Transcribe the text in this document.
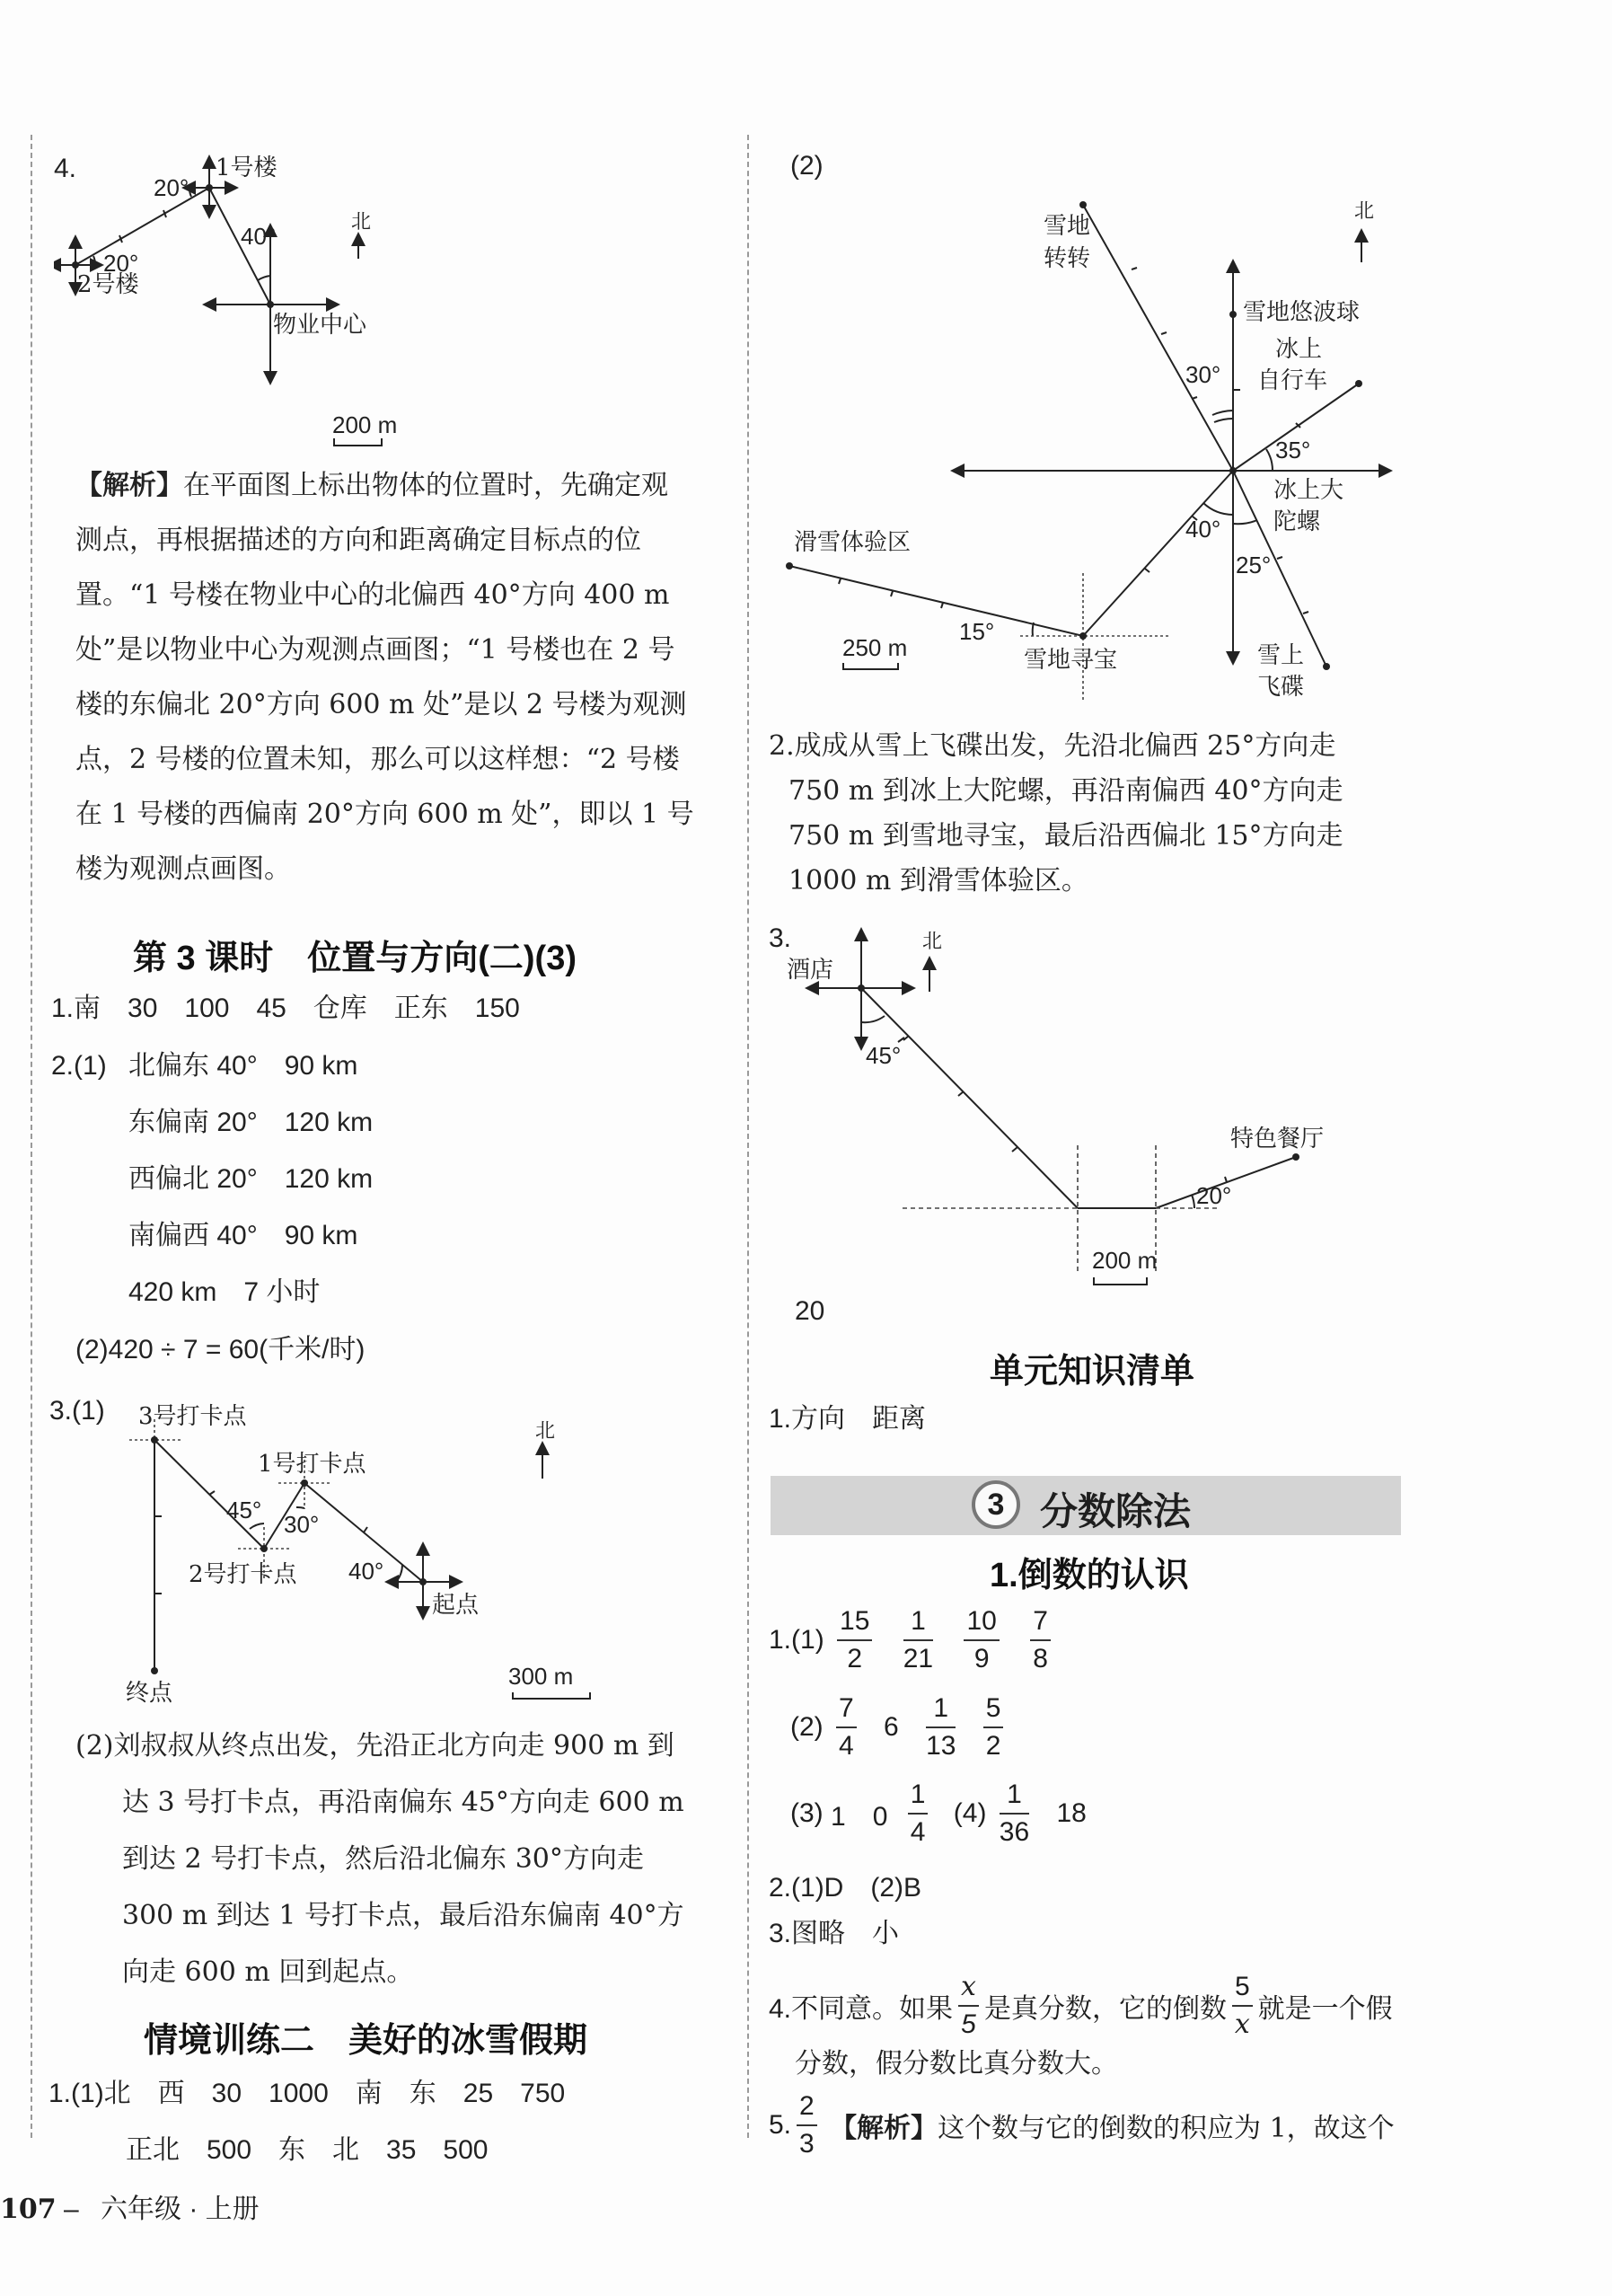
4.	1号楼
2号楼
物业中心
20°
20°
40°
北
200 m
【解析】在平面图上标出物体的位置时，先确定观
测点，再根据描述的方向和距离确定目标点的位
置。“1 号楼在物业中心的北偏西 40°方向 400 m
处”是以物业中心为观测点画图；“1 号楼也在 2 号
楼的东偏北 20°方向 600 m 处”是以 2 号楼为观测
点，2 号楼的位置未知，那么可以这样想：“2 号楼
在 1 号楼的西偏南 20°方向 600 m 处”，即以 1 号
楼为观测点画图。
第 3 课时　位置与方向(二)(3)
1.南　30　100　45　仓库　正东　150
2.(1) 北偏东 40°　90 km
东偏南 20°　120 km
西偏北 20°　120 km
南偏西 40°　90 km
420 km　7 小时
(2)420 ÷ 7 = 60(千米/时)
3.(1) 3号打卡点
1号打卡点
2号打卡点
起点
终点
45°
30°
40°
北
300 m
(2)刘叔叔从终点出发，先沿正北方向走 900 m 到
达 3 号打卡点，再沿南偏东 45°方向走 600 m
到达 2 号打卡点，然后沿北偏东 30°方向走
300 m 到达 1 号打卡点，最后沿东偏南 40°方
向走 600 m 回到起点。
情境训练二　美好的冰雪假期
1.(1)北　西　30　1000　南　东　25　750
正北　500　东　北　35　500
107 – 六年级 · 上册
(2)
雪地
转转
雪地悠波球
冰上
自行车
冰上大
陀螺
滑雪体验区
雪地寻宝	雪上
飞碟
30°
35°
40°
25°
15°
北
250 m
2.成成从雪上飞碟出发，先沿北偏西 25°方向走
750 m 到冰上大陀螺，再沿南偏西 40°方向走
750 m 到雪地寻宝，最后沿西偏北 15°方向走
1000 m 到滑雪体验区。
3.
酒店
特色餐厅
45°
20°
北
200 m
20
单元知识清单
1.方向　距离
3 分数除法
1.倒数的认识
$1.(1) \frac{15}{2}$
$\frac{1}{21}$
$\frac{10}{9}$
$\frac{7}{8}$
$(2) \frac{7}{4} 6 \frac{1}{13}$
$\frac{5}{2}$
(3) 1　$0 \frac{1}{4} (4) \frac{1}{36} 18$
2.(1)D　(2)B
3.图略　小
4.不同意。如果 $\frac{x}{5}$ 是真分数，它的倒数 $\frac{5}{x}$ 就是一个假
分数，假分数比真分数大。
5. $\frac{2}{3}$ 【解析】这个数与它的倒数的积应为 1，故这个
